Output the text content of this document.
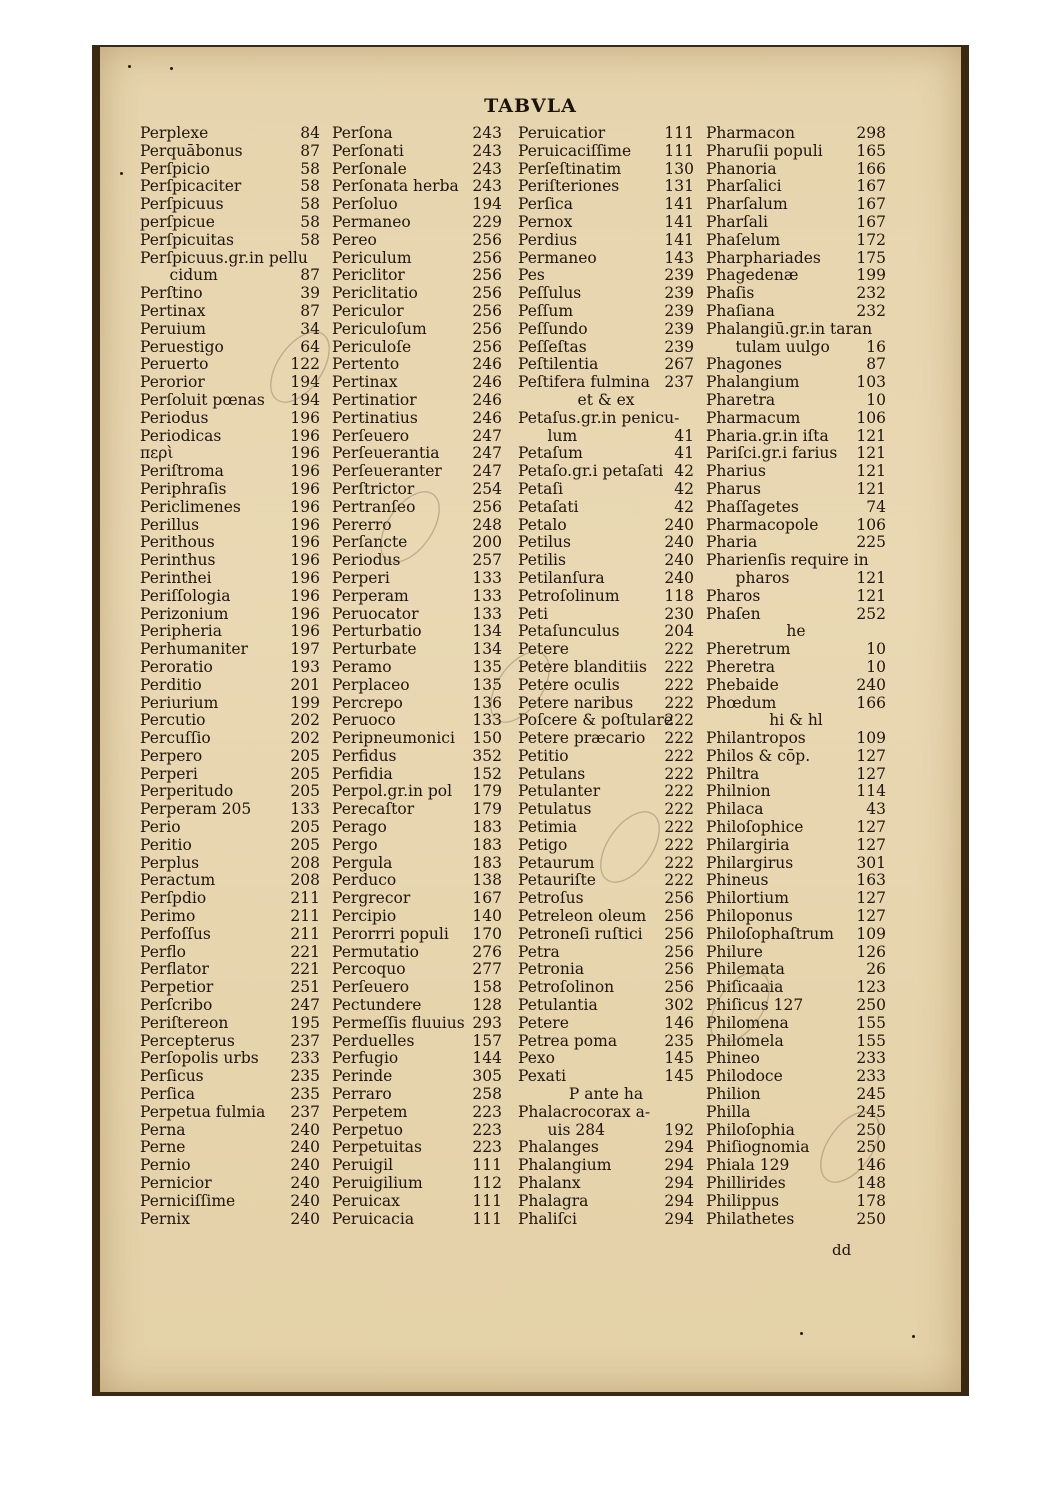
TABVLA
Perplexe	84
Perquābonus	87
Perſpicio	58
Perſpicaciter	58
Perſpicuus	58
perſpicue	58
Perſpicuitas	58
Perſpicuus.gr.in pellu
cidum	87
Perſtino	39
Pertinax	87
Peruium	34
Peruestigo	64
Peruerto	122
Perorior	194
Perſoluit pœnas	194
Periodus	196
Periodicas	196
περὶ	196
Periſtroma	196
Periphraſis	196
Periclimenes	196
Perillus	196
Perithous	196
Perinthus	196
Perinthei	196
Periſſologia	196
Perizonium	196
Peripheria	196
Perhumaniter	197
Peroratio	193
Perditio	201
Periurium	199
Percutio	202
Percuſſio	202
Perpero	205
Perperi	205
Perperitudo	205
Perperam 205	133
Perio	205
Peritio	205
Perplus	208
Peractum	208
Perſpdio	211
Perimo	211
Perfoſſus	211
Perflo	221
Perflator	221
Perpetior	251
Perſcribo	247
Periſtereon	195
Percepterus	237
Perſopolis urbs	233
Perſicus	235
Perſica	235
Perpetua fulmia	237
Perna	240
Perne	240
Pernio	240
Pernicior	240
Perniciſſime	240
Pernix	240
Perſona	243
Perſonati	243
Perſonale	243
Perſonata herba 243
Perſoluo	194
Permaneo	229
Pereo	256
Periculum	256
Periclitor	256
Periclitatio	256
Periculor	256
Periculoſum	256
Periculoſe	256
Pertento	246
Pertinax	246
Pertinatior	246
Pertinatius	246
Perſeuero	247
Perſeuerantia	247
Perſeueranter	247
Perſtrictor	254
Pertranſeo	256
Pererro	248
Perſancte	200
Periodus	257
Perperi	133
Perperam	133
Peruocator	133
Perturbatio	134
Perturbate	134
Peramo	135
Perplaceo	135
Percrepo	136
Peruoco	133
Peripneumonici	150
Perfidus	352
Perfidia	152
Perpol.gr.in pol	179
Perecaſtor	179
Perago	183
Pergo	183
Pergula	183
Perduco	138
Pergrecor	167
Percipio	140
Perorrri populi	170
Permutatio	276
Percoquo	277
Perſeuero	158
Pectundere	128
Permeſſis fluuius 293
Perduelles	157
Perfugio	144
Perinde	305
Perraro	258
Perpetem	223
Perpetuo	223
Perpetuitas	223
Peruigil	111
Peruigilium	112
Peruicax	111
Peruicacia	111
Peruicatior	111
Peruicaciſſime	111
Perſeſtinatim	130
Periſteriones	131
Perſica	141
Pernox	141
Perdius	141
Permaneo	143
Pes	239
Peſſulus	239
Peſſum	239
Peſſundo	239
Peſſeſtas	239
Peſtilentia	267
Peſtifera fulmina 237
et & ex
Petaſus.gr.in penicu-
lum	41
Petaſum	41
Petaſo.gr.i petaſati 42
Petaſi	42
Petaſati	42
Petalo	240
Petilus	240
Petilis	240
Petilanſura	240
Petroſolinum	118
Peti	230
Petaſunculus	204
Petere	222
Petere blanditiis	222
Petere oculis	222
Petere naribus	222
Poſcere & poſtulare
222
Petere præcario	222
Petitio	222
Petulans	222
Petulanter	222
Petulatus	222
Petimia	222
Petigo	222
Petaurum	222
Petauriſte	222
Petroſus	256
Petreleon oleum	256
Petroneſi ruſtici	256
Petra	256
Petronia	256
Petroſolinon	256
Petulantia	302
Petere	146
Petrea poma	235
Pexo	145
Pexati	145
P ante ha
Phalacrocorax a-
uis 284	192
Phalanges	294
Phalangium	294
Phalanx	294
Phalagra	294
Phaliſci	294
Pharmacon	298
Pharuſii populi	165
Phanoria	166
Pharſalici	167
Pharſalum	167
Pharſali	167
Phaſelum	172
Pharphariades	175
Phagedenæ	199
Phaſis	232
Phaſiana	232
Phalangiū.gr.in taran
tulam uulgo	16
Phagones	87
Phalangium	103
Pharetra	10
Pharmacum	106
Pharia.gr.in iſta	121
Pariſci.gr.i farius	121
Pharius	121
Pharus	121
Phaſſagetes	74
Pharmacopole	106
Pharia	225
Pharienſis require in
pharos	121
Pharos	121
Phaſen	252
he
Pheretrum	10
Pheretra	10
Phebaide	240
Phœdum	166
hi & hl
Philantropos	109
Philos & cōp.	127
Philtra	127
Philnion	114
Philaca	43
Philoſophice	127
Philargiria	127
Philargirus	301
Phineus	163
Philortium	127
Philoponus	127
Philoſophaſtrum	109
Philure	126
Philemata	26
Phiſicaaia	123
Phiſicus 127	250
Philomena	155
Philomela	155
Phineo	233
Philodoce	233
Philion	245
Philla	245
Philoſophia	250
Phiſiognomia	250
Phiala 129	146
Phillirides	148
Philippus	178
Philathetes	250
dd
